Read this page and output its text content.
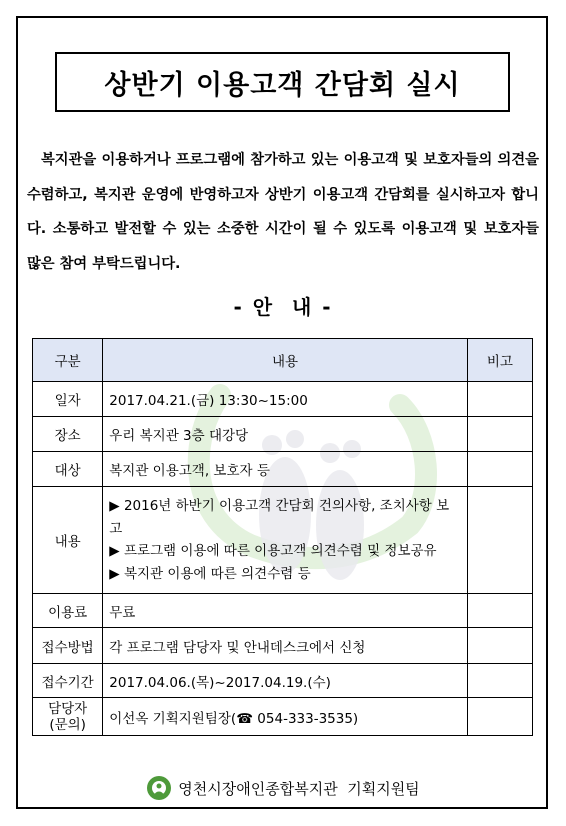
상반기 이용고객 간담회 실시
복지관을 이용하거나 프로그램에 참가하고 있는 이용고객 및 보호자들의 의견을 수렴하고, 복지관 운영에 반영하고자 상반기 이용고객 간담회를 실시하고자 합니다. 소통하고 발전할 수 있는 소중한 시간이 될 수 있도록 이용고객 및 보호자들 많은 참여 부탁드립니다.
- 안  내 -
구분	내용	비고
일자	2017.04.21.(금) 13:30~15:00	
장소	우리 복지관 3층 대강당	
대상	복지관 이용고객, 보호자 등	
내용	▶ 2016년 하반기 이용고객 간담회 건의사항, 조치사항 보고
▶ 프로그램 이용에 따른 이용고객 의견수렴 및 정보공유
▶ 복지관 이용에 따른 의견수렴 등	

이용료	무료	
접수방법	각 프로그램 담당자 및 안내데스크에서 신청	
접수기간	2017.04.06.(목)~2017.04.19.(수)	

담당자
(문의)	이선옥 기획지원팀장(☎ 054-333-3535)	
영천시장애인종합복지관  기획지원팀
